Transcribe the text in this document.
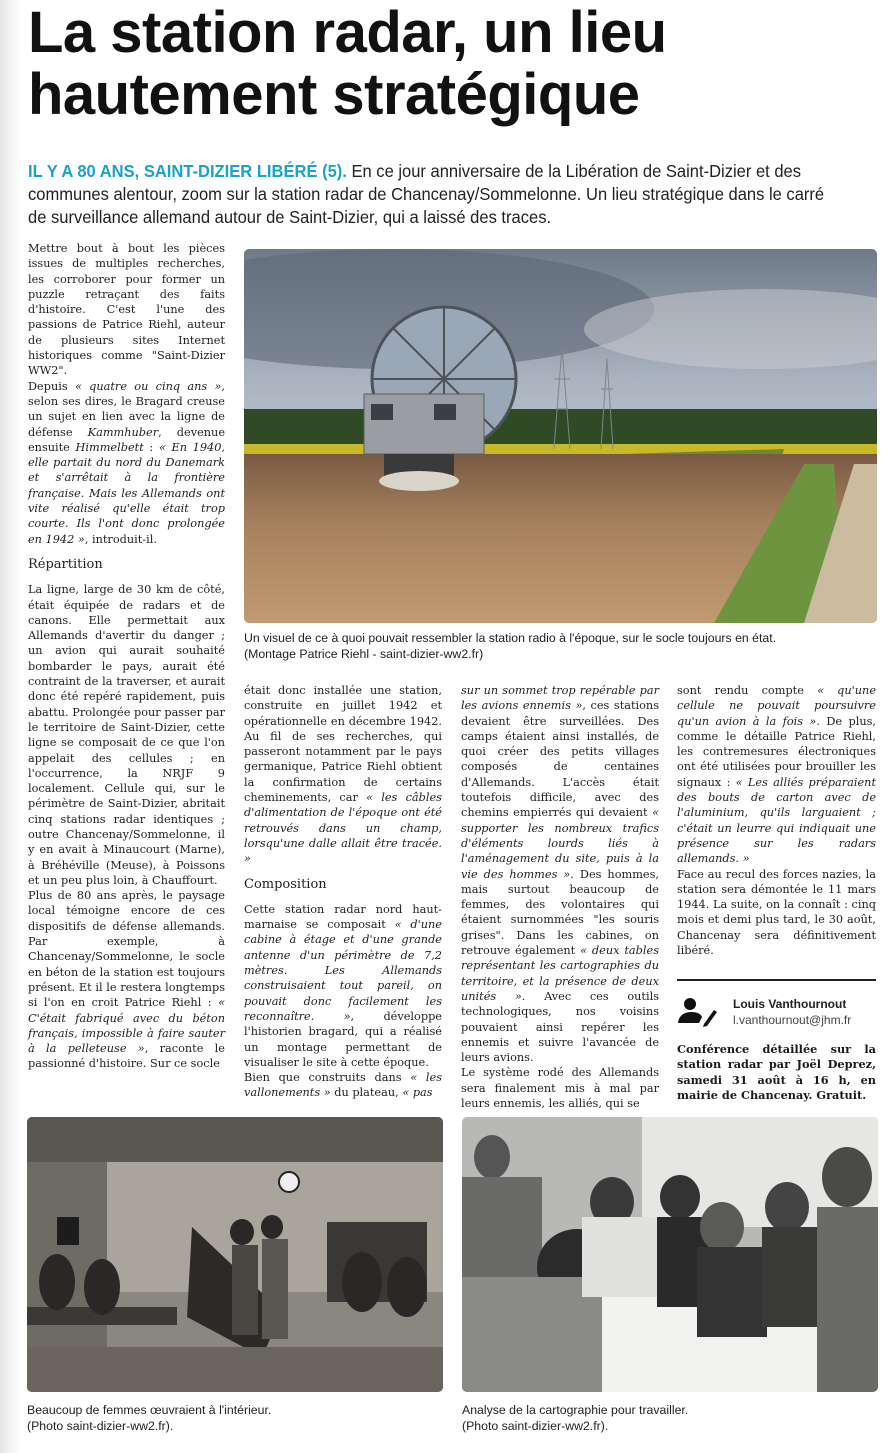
La station radar, un lieu hautement stratégique
IL Y A 80 ANS, SAINT-DIZIER LIBÉRÉ (5). En ce jour anniversaire de la Libération de Saint-Dizier et des communes alentour, zoom sur la station radar de Chancenay/Sommelonne. Un lieu stratégique dans le carré de surveillance allemand autour de Saint-Dizier, qui a laissé des traces.

Mettre bout à bout les pièces issues de multiples recherches, les corroborer pour former un puzzle retraçant des faits d'histoire. C'est l'une des passions de Patrice Riehl, auteur de plusieurs sites Internet historiques comme "Saint-Dizier WW2".

Depuis « quatre ou cinq ans », selon ses dires, le Bragard creuse un sujet en lien avec la ligne de défense Kammhuber, devenue ensuite Himmelbett : « En 1940, elle partait du nord du Danemark et s'arrêtait à la frontière française. Mais les Allemands ont vite réalisé qu'elle était trop courte. Ils l'ont donc prolongée en 1942 », introduit-il.

Répartition

La ligne, large de 30 km de côté, était équipée de radars et de canons. Elle permettait aux Allemands d'avertir du danger ; un avion qui aurait souhaité bombarder le pays, aurait été contraint de la traverser, et aurait donc été repéré rapidement, puis abattu. Prolongée pour passer par le territoire de Saint-Dizier, cette ligne se composait de ce que l'on appelait des cellules ; en l'occurrence, la NRJF 9 localement. Cellule qui, sur le périmètre de Saint-Dizier, abritait cinq stations radar identiques ; outre Chancenay/Sommelonne, il y en avait à Minaucourt (Marne), à Bréhéville (Meuse), à Poissons et un peu plus loin, à Chauffourt.

Plus de 80 ans après, le paysage local témoigne encore de ces dispositifs de défense allemands. Par exemple, à Chancenay/Sommelonne, le socle en béton de la station est toujours présent. Et il le restera longtemps si l'on en croit Patrice Riehl : « C'était fabriqué avec du béton français, impossible à faire sauter à la pelleteuse », raconte le passionné d'histoire. Sur ce socle

Un visuel de ce à quoi pouvait ressembler la station radio à l'époque, sur le socle toujours en état.
(Montage Patrice Riehl - saint-dizier-ww2.fr)

était donc installée une station, construite en juillet 1942 et opérationnelle en décembre 1942. Au fil de ses recherches, qui passeront notamment par le pays germanique, Patrice Riehl obtient la confirmation de certains cheminements, car « les câbles d'alimentation de l'époque ont été retrouvés dans un champ, lorsqu'une dalle allait être tracée. »

Composition

Cette station radar nord haut-marnaise se composait « d'une cabine à étage et d'une grande antenne d'un périmètre de 7,2 mètres. Les Allemands construisaient tout pareil, on pouvait donc facilement les reconnaître. », développe l'historien bragard, qui a réalisé un montage permettant de visualiser le site à cette époque.

Bien que construits dans « les vallonements » du plateau, « pas

sur un sommet trop repérable par les avions ennemis », ces stations devaient être surveillées. Des camps étaient ainsi installés, de quoi créer des petits villages composés de centaines d'Allemands. L'accès était toutefois difficile, avec des chemins empierrés qui devaient « supporter les nombreux trafics d'éléments lourds liés à l'aménagement du site, puis à la vie des hommes ». Des hommes, mais surtout beaucoup de femmes, des volontaires qui étaient surnommées "les souris grises". Dans les cabines, on retrouve également « deux tables représentant les cartographies du territoire, et la présence de deux unités ». Avec ces outils technologiques, nos voisins pouvaient ainsi repérer les ennemis et suivre l'avancée de leurs avions.

Le système rodé des Allemands sera finalement mis à mal par leurs ennemis, les alliés, qui se

sont rendu compte « qu'une cellule ne pouvait poursuivre qu'un avion à la fois ». De plus, comme le détaille Patrice Riehl, les contremesures électroniques ont été utilisées pour brouiller les signaux : « Les alliés préparaient des bouts de carton avec de l'aluminium, qu'ils larguaient ; c'était un leurre qui indiquait une présence sur les radars allemands. »

Face au recul des forces nazies, la station sera démontée le 11 mars 1944. La suite, on la connaît : cinq mois et demi plus tard, le 30 août, Chancenay sera définitivement libéré.

Louis Vanthournout
l.vanthournout@jhm.fr
Conférence détaillée sur la station radar par Joël Deprez, samedi 31 août à 16 h, en mairie de Chancenay. Gratuit.
Beaucoup de femmes œuvraient à l'intérieur.
(Photo saint-dizier-ww2.fr).
Analyse de la cartographie pour travailler.
(Photo saint-dizier-ww2.fr).
